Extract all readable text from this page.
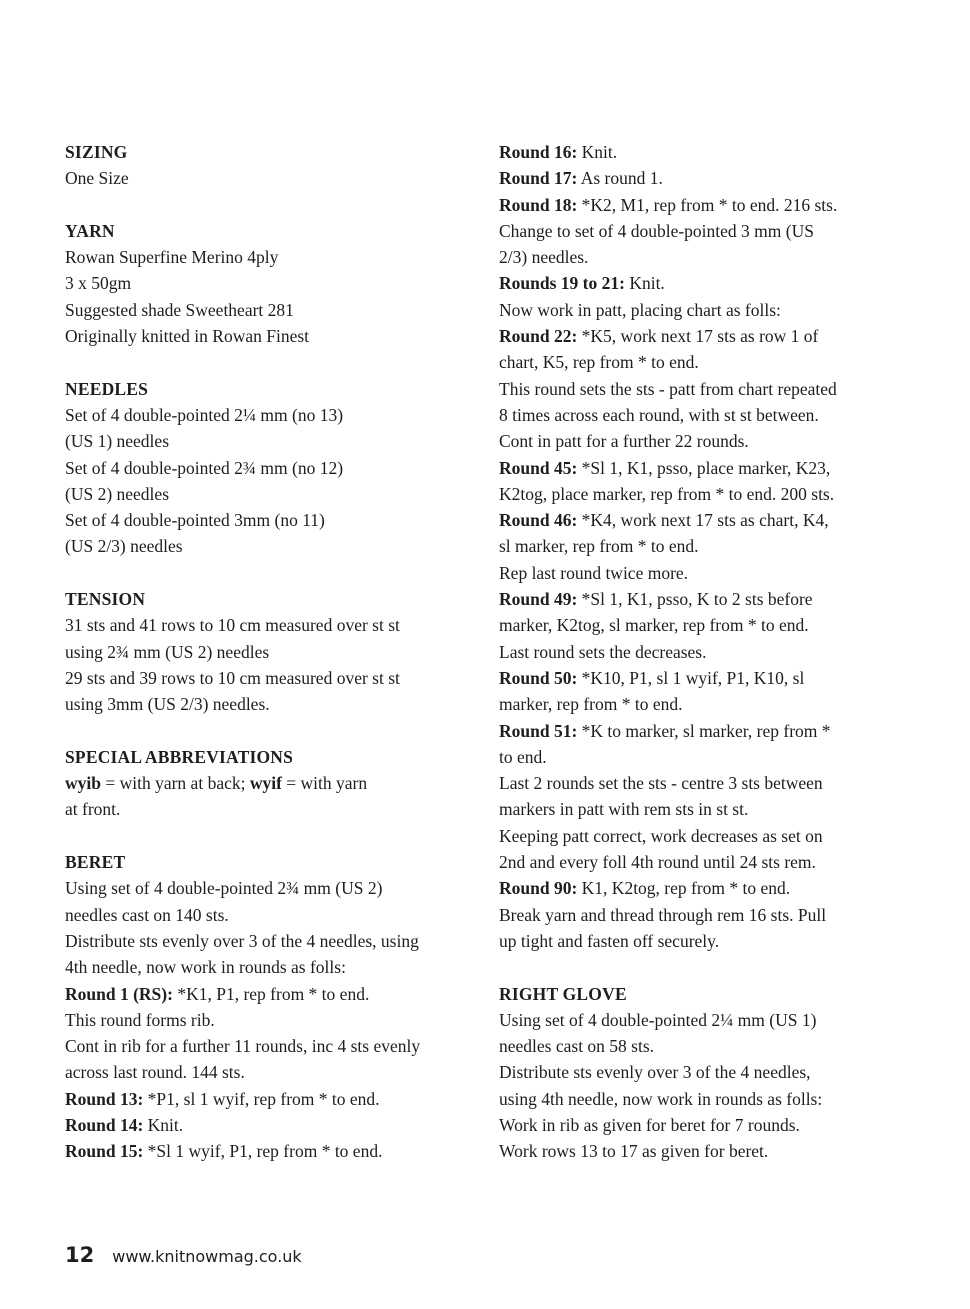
SIZING
One Size
YARN
Rowan Superfine Merino 4ply
3 x 50gm
Suggested shade Sweetheart 281
Originally knitted in Rowan Finest
NEEDLES
Set of 4 double-pointed 2¼ mm (no 13)
(US 1) needles
Set of 4 double-pointed 2¾ mm (no 12)
(US 2) needles
Set of 4 double-pointed 3mm (no 11)
(US 2/3) needles
TENSION
31 sts and 41 rows to 10 cm measured over st st
using 2¾ mm (US 2) needles
29 sts and 39 rows to 10 cm measured over st st
using 3mm (US 2/3) needles.
SPECIAL ABBREVIATIONS
wyib = with yarn at back; wyif = with yarn
at front.
BERET
Using set of 4 double-pointed 2¾ mm (US 2)
needles cast on 140 sts.
Distribute sts evenly over 3 of the 4 needles, using
4th needle, now work in rounds as folls:
Round 1 (RS): *K1, P1, rep from * to end.
This round forms rib.
Cont in rib for a further 11 rounds, inc 4 sts evenly
across last round. 144 sts.
Round 13: *P1, sl 1 wyif, rep from * to end.
Round 14: Knit.
Round 15: *Sl 1 wyif, P1, rep from * to end.
Round 16: Knit.
Round 17: As round 1.
Round 18: *K2, M1, rep from * to end. 216 sts.
Change to set of 4 double-pointed 3 mm (US
2/3) needles.
Rounds 19 to 21: Knit.
Now work in patt, placing chart as folls:
Round 22: *K5, work next 17 sts as row 1 of
chart, K5, rep from * to end.
This round sets the sts - patt from chart repeated
8 times across each round, with st st between.
Cont in patt for a further 22 rounds.
Round 45: *Sl 1, K1, psso, place marker, K23,
K2tog, place marker, rep from * to end. 200 sts.
Round 46: *K4, work next 17 sts as chart, K4,
sl marker, rep from * to end.
Rep last round twice more.
Round 49: *Sl 1, K1, psso, K to 2 sts before
marker, K2tog, sl marker, rep from * to end.
Last round sets the decreases.
Round 50: *K10, P1, sl 1 wyif, P1, K10, sl
marker, rep from * to end.
Round 51: *K to marker, sl marker, rep from *
to end.
Last 2 rounds set the sts - centre 3 sts between
markers in patt with rem sts in st st.
Keeping patt correct, work decreases as set on
2nd and every foll 4th round until 24 sts rem.
Round 90: K1, K2tog, rep from * to end.
Break yarn and thread through rem 16 sts. Pull
up tight and fasten off securely.
RIGHT GLOVE
Using set of 4 double-pointed 2¼ mm (US 1)
needles cast on 58 sts.
Distribute sts evenly over 3 of the 4 needles,
using 4th needle, now work in rounds as folls:
Work in rib as given for beret for 7 rounds.
Work rows 13 to 17 as given for beret.
12 www.knitnowmag.co.uk
